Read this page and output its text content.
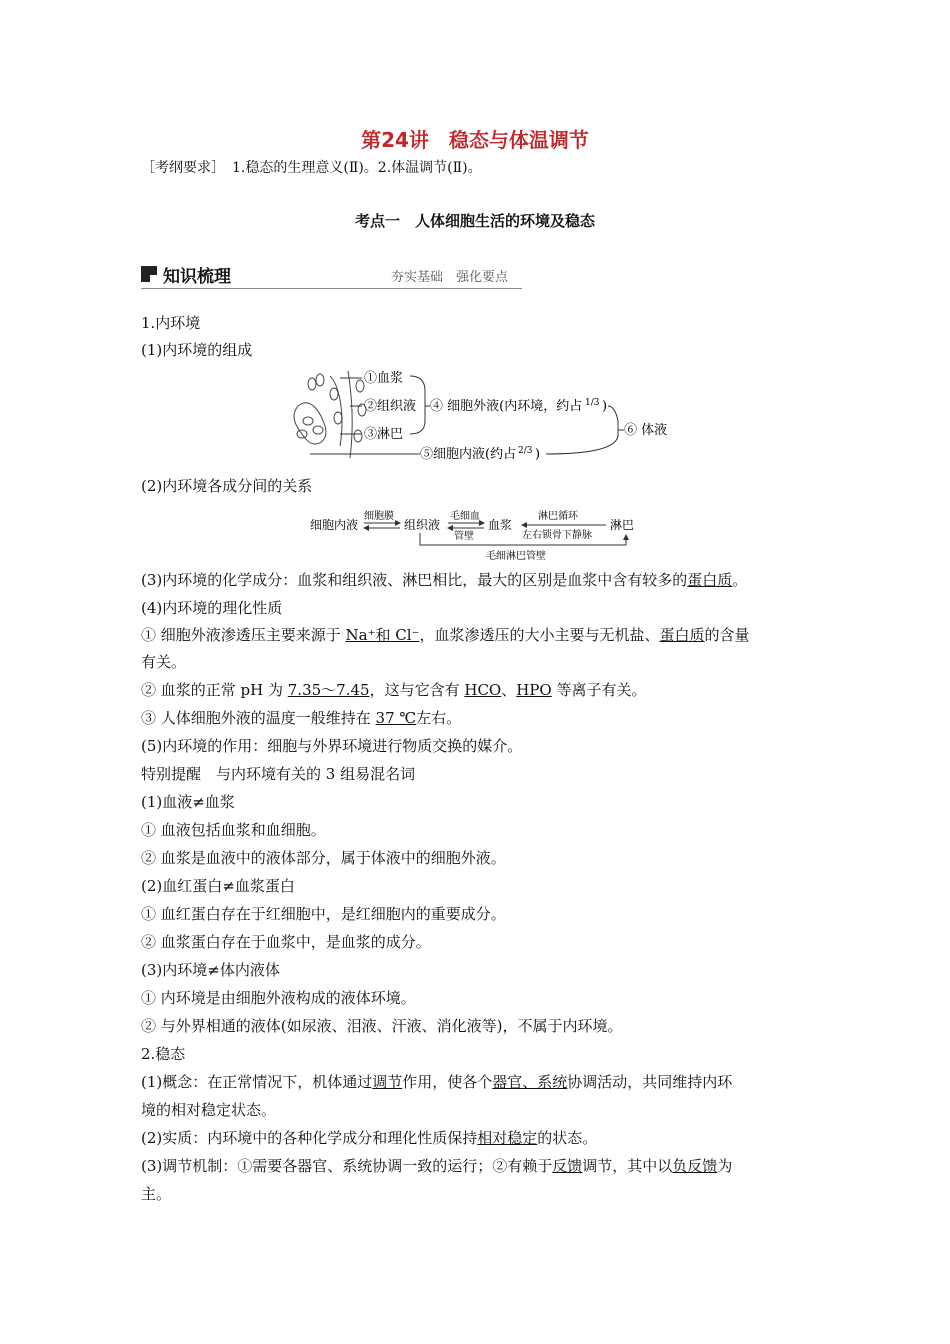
第24讲　稳态与体温调节
［考纲要求］　1.稳态的生理意义(Ⅱ)。2.体温调节(Ⅱ)。
考点一　人体细胞生活的环境及稳态
知识梳理	夯实基础　强化要点
①血浆
②组织液
③淋巴
④ 细胞外液(内环境，约占 1/3 )
⑤细胞内液(约占 2/3 )
⑥ 体液
细胞内液
细胞膜
组织液
毛细血
管壁
血浆
淋巴循环
左右锁骨下静脉
淋巴
毛细淋巴管壁
1.内环境
(1)内环境的组成
(2)内环境各成分间的关系
(3)内环境的化学成分：血浆和组织液、淋巴相比，最大的区别是血浆中含有较多的蛋白质。
(4)内环境的理化性质
① 细胞外液渗透压主要来源于 Na⁺和 Cl⁻，血浆渗透压的大小主要与无机盐、蛋白质的含量
有关。
② 血浆的正常 pH 为 7.35～7.45，这与它含有 HCO、HPO 等离子有关。
③ 人体细胞外液的温度一般维持在 37 ℃左右。
(5)内环境的作用：细胞与外界环境进行物质交换的媒介。
特别提醒　与内环境有关的 3 组易混名词
(1)血液≠血浆
① 血液包括血浆和血细胞。
② 血浆是血液中的液体部分，属于体液中的细胞外液。
(2)血红蛋白≠血浆蛋白
① 血红蛋白存在于红细胞中，是红细胞内的重要成分。
② 血浆蛋白存在于血浆中，是血浆的成分。
(3)内环境≠体内液体
① 内环境是由细胞外液构成的液体环境。
② 与外界相通的液体(如尿液、泪液、汗液、消化液等)，不属于内环境。
2.稳态
(1)概念：在正常情况下，机体通过调节作用，使各个器官、系统协调活动，共同维持内环
境的相对稳定状态。
(2)实质：内环境中的各种化学成分和理化性质保持相对稳定的状态。
(3)调节机制：①需要各器官、系统协调一致的运行；②有赖于反馈调节，其中以负反馈为
主。
